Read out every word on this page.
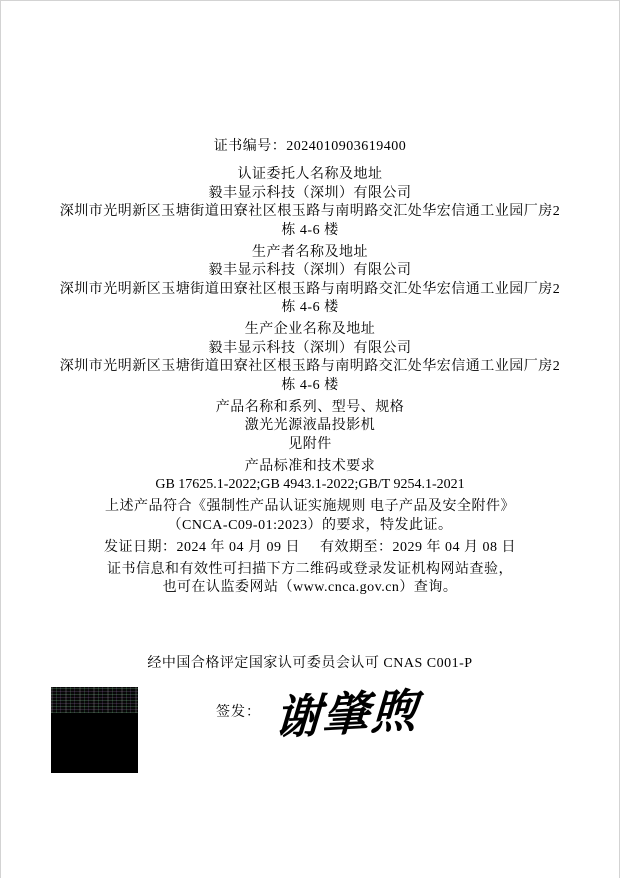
证书编号：2024010903619400
认证委托人名称及地址
毅丰显示科技（深圳）有限公司
深圳市光明新区玉塘街道田寮社区根玉路与南明路交汇处华宏信通工业园厂房2
栋 4-6 楼
生产者名称及地址
毅丰显示科技（深圳）有限公司
深圳市光明新区玉塘街道田寮社区根玉路与南明路交汇处华宏信通工业园厂房2
栋 4-6 楼
生产企业名称及地址
毅丰显示科技（深圳）有限公司
深圳市光明新区玉塘街道田寮社区根玉路与南明路交汇处华宏信通工业园厂房2
栋 4-6 楼
产品名称和系列、型号、规格
激光光源液晶投影机
见附件
产品标准和技术要求
GB 17625.1-2022;GB 4943.1-2022;GB/T 9254.1-2021
上述产品符合《强制性产品认证实施规则 电子产品及安全附件》
（CNCA-C09-01:2023）的要求，特发此证。
发证日期：2024 年 04 月 09 日 有效期至：2029 年 04 月 08 日
证书信息和有效性可扫描下方二维码或登录发证机构网站查验，
也可在认监委网站（www.cnca.gov.cn）查询。
经中国合格评定国家认可委员会认可 CNAS C001-P
签发： 谢肇煦
